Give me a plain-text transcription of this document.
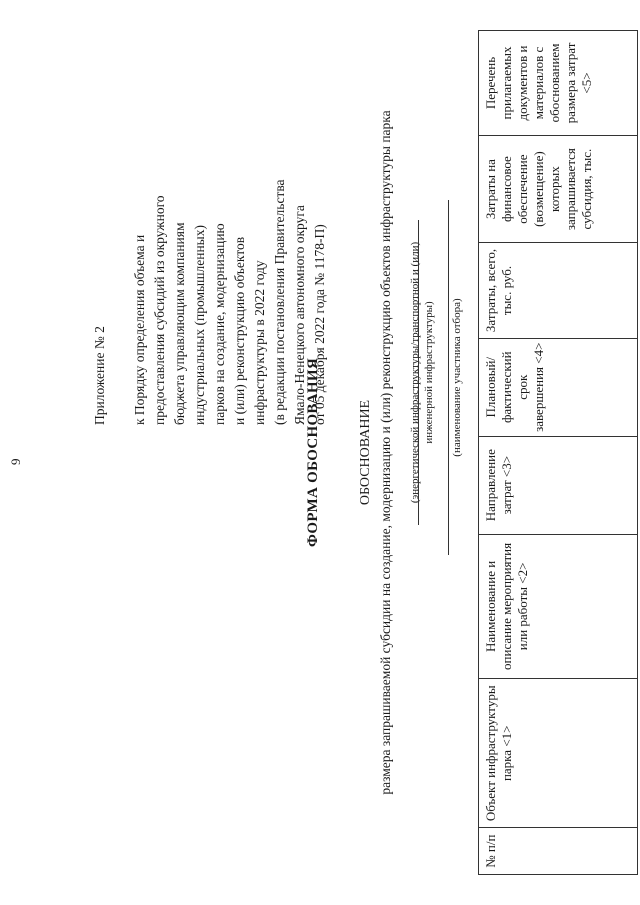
9
Приложение № 2 к Порядку определения объема и предоставления субсидий из окружного бюджета управляющим компаниям индустриальных (промышленных) парков на создание, модернизацию и (или) реконструкцию объектов инфраструктуры в 2022 году (в редакции постановления Правительства Ямало-Ненецкого автономного округа от 05 декабря 2022 года № 1178-П)
ФОРМА ОБОСНОВАНИЯ	ОБОСНОВАНИЕ размера запрашиваемой субсидии на создание, модернизацию и (или) реконструкцию объектов инфраструктуры парка (энергетической инфраструктуры/транспортной и (или) инженерной инфраструктуры) (наименование участника отбора)
№ п/п	Объект инфраструктуры парка <1>	Наименование и описание мероприятия или работы <2>	Направление затрат <3>	Плановый/ фактический срок завершения <4>	Затраты, всего, тыс. руб.	Затраты на финансовое обеспечение (возмещение) которых запрашивается субсидия, тыс.	Перечень прилагаемых документов и материалов с обоснованием размера затрат <5>
